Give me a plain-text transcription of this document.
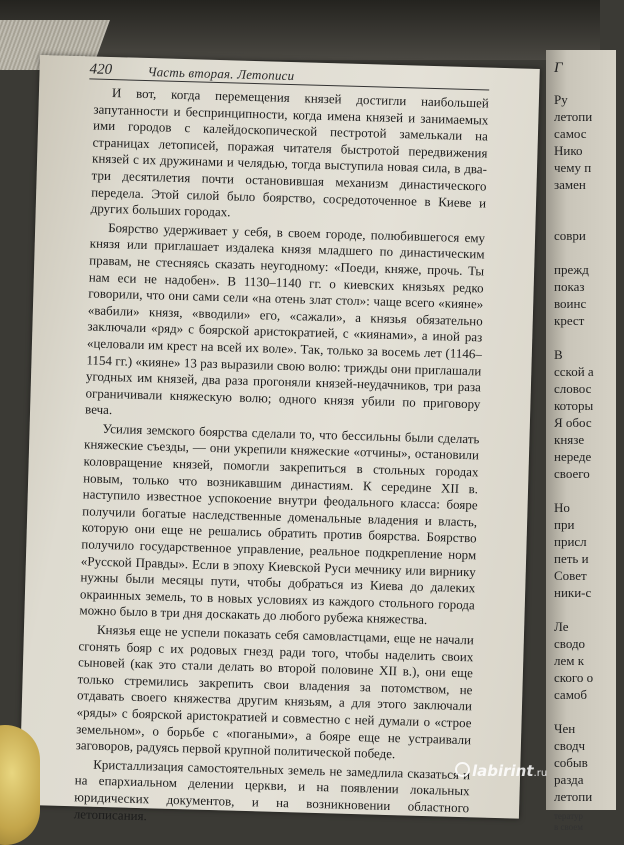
420	Часть вторая. Летописи

И вот, когда перемещения князей достигли наибольшей запутанности и беспринципности, когда имена князей и занимаемых ими городов с калейдоскопической пестротой замелькали на страницах летописей, поражая читателя быстротой передвижения князей с их дружинами и челядью, тогда выступила новая сила, в два-три десятилетия почти остановившая механизм династического передела. Этой силой было боярство, сосредоточенное в Киеве и других больших городах.

Боярство удерживает у себя, в своем городе, полюбившегося ему князя или приглашает издалека князя младшего по династическим правам, не стесняясь сказать неугодному: «Поеди, княже, прочь. Ты нам еси не надобен». В 1130–1140 гг. о киевских князьях редко говорили, что они сами сели «на отень злат стол»: чаще всего «кияне» «вабили» князя, «вводили» его, «сажали», а князья обязательно заключали «ряд» с боярской аристократией, с «киянами», а иной раз «целовали им крест на всей их воле». Так, только за восемь лет (1146–1154 гг.) «кияне» 13 раз выразили свою волю: трижды они приглашали угодных им князей, два раза прогоняли князей-неудачников, три раза ограничивали княжескую волю; одного князя убили по приговору веча.

Усилия земского боярства сделали то, что бессильны были сделать княжеские съезды, — они укрепили княжеские «отчины», остановили коловращение князей, помогли закрепиться в стольных городах новым, только что возникавшим династиям. К середине XII в. наступило известное успокоение внутри феодального класса: бояре получили богатые наследственные доменальные владения и власть, которую они еще не решались обратить против боярства. Боярство получило государственное управление, реальное подкрепление норм «Русской Правды». Если в эпоху Киевской Руси мечнику или вирнику нужны были месяцы пути, чтобы добраться из Киева до далеких окраинных земель, то в новых условиях из каждого стольного города можно было в три дня доскакать до любого рубежа княжества.

Князья еще не успели показать себя самовластцами, еще не начали сгонять бояр с их родовых гнезд ради того, чтобы наделить своих сыновей (как это стали делать во второй половине XII в.), они еще только стремились закрепить свои владения за потомством, не отдавать своего княжества другим князьям, а для этого заключали «ряды» с боярской аристократией и совместно с ней думали о «строе земельном», о борьбе с «погаными», а бояре еще не устраивали заговоров, радуясь первой крупной политической победе.

Кристаллизация самостоятельных земель не замедлила сказаться и на епархиальном делении церкви, и на появлении локальных юридических документов, и на возникновении областного летописания.

Г
Ру
летопи
самос
Нико
чему п
замен
соври
прежд
показ
воинс
крест
В
сской а
словос
которы
Я обос
князе
нереде
своего
Но
при
присл
петь и
Совет
ники-с
Ле
сводо
лем к
ского о
самоб
Чен
сводч
собыв
разда
летопи
тератур
в своем
labirint.ru
